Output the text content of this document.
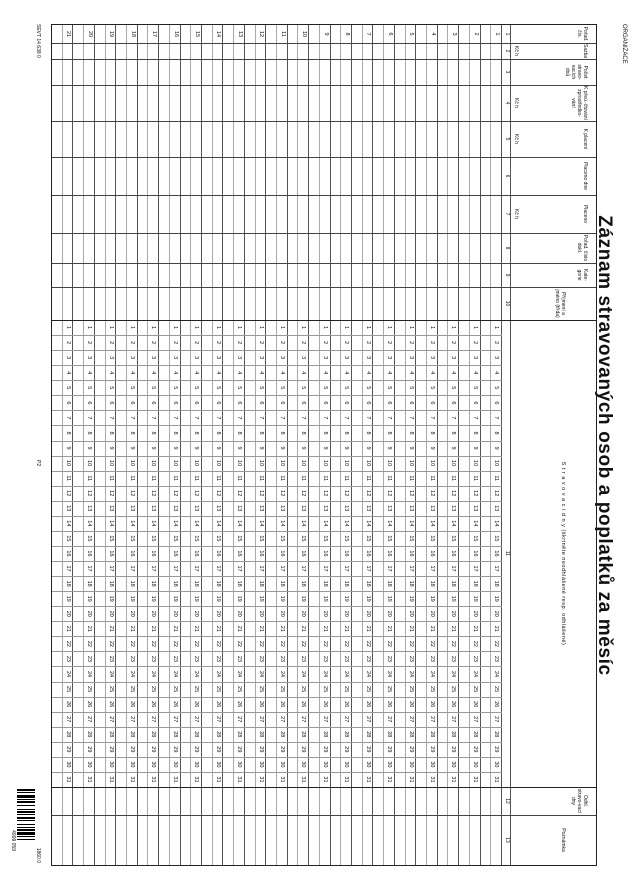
ORGANIZACE
Záznam stravovaných osob a poplatků za měsíc
Pořad. čís.
Sazba
Počet stravo-vacích dnů
K přeú.-čtování zprostředko-vání
K placení
Placeno dne
Placeno
Pořad. číslo dokl.
Kate-gorie
Příjmení a jméno (třída)
S t r a v o v a c í d n y (škrtněte neodhlášené resp. odhlášené)
Odhl. stravo-vací dny
Poznámka
Kč h
Kč h
Kč h
Kč h
1
2
3
4
5
6
7
8
9
10
11
12
13
1
1
2
3
4
5
6
7
8
9
10
11
12
13
14
15
16
17
18
19
20
21
22
23
24
25
26
27
28
29
30
31
2
1
2
3
4
5
6
7
8
9
10
11
12
13
14
15
16
17
18
19
20
21
22
23
24
25
26
27
28
29
30
31
3
1
2
3
4
5
6
7
8
9
10
11
12
13
14
15
16
17
18
19
20
21
22
23
24
25
26
27
28
29
30
31
4
1
2
3
4
5
6
7
8
9
10
11
12
13
14
15
16
17
18
19
20
21
22
23
24
25
26
27
28
29
30
31
5
1
2
3
4
5
6
7
8
9
10
11
12
13
14
15
16
17
18
19
20
21
22
23
24
25
26
27
28
29
30
31
6
1
2
3
4
5
6
7
8
9
10
11
12
13
14
15
16
17
18
19
20
21
22
23
24
25
26
27
28
29
30
31
7
1
2
3
4
5
6
7
8
9
10
11
12
13
14
15
16
17
18
19
20
21
22
23
24
25
26
27
28
29
30
31
8
1
2
3
4
5
6
7
8
9
10
11
12
13
14
15
16
17
18
19
20
21
22
23
24
25
26
27
28
29
30
31
9
1
2
3
4
5
6
7
8
9
10
11
12
13
14
15
16
17
18
19
20
21
22
23
24
25
26
27
28
29
30
31
10
1
2
3
4
5
6
7
8
9
10
11
12
13
14
15
16
17
18
19
20
21
22
23
24
25
26
27
28
29
30
31
11
1
2
3
4
5
6
7
8
9
10
11
12
13
14
15
16
17
18
19
20
21
22
23
24
25
26
27
28
29
30
31
12
1
2
3
4
5
6
7
8
9
10
11
12
13
14
15
16
17
18
19
20
21
22
23
24
25
26
27
28
29
30
31
13
1
2
3
4
5
6
7
8
9
10
11
12
13
14
15
16
17
18
19
20
21
22
23
24
25
26
27
28
29
30
31
14
1
2
3
4
5
6
7
8
9
10
11
12
13
14
15
16
17
18
19
20
21
22
23
24
25
26
27
28
29
30
31
15
1
2
3
4
5
6
7
8
9
10
11
12
13
14
15
16
17
18
19
20
21
22
23
24
25
26
27
28
29
30
31
16
1
2
3
4
5
6
7
8
9
10
11
12
13
14
15
16
17
18
19
20
21
22
23
24
25
26
27
28
29
30
31
17
1
2
3
4
5
6
7
8
9
10
11
12
13
14
15
16
17
18
19
20
21
22
23
24
25
26
27
28
29
30
31
18
1
2
3
4
5
6
7
8
9
10
11
12
13
14
15
16
17
18
19
20
21
22
23
24
25
26
27
28
29
30
31
19
1
2
3
4
5
6
7
8
9
10
11
12
13
14
15
16
17
18
19
20
21
22
23
24
25
26
27
28
29
30
31
20
1
2
3
4
5
6
7
8
9
10
11
12
13
14
15
16
17
18
19
20
21
22
23
24
25
26
27
28
29
30
31
21
1
2
3
4
5
6
7
8
9
10
11
12
13
14
15
16
17
18
19
20
21
22
23
24
25
26
27
28
29
30
31
SEVT 14 638 0
P2
1860.0
4999 059
